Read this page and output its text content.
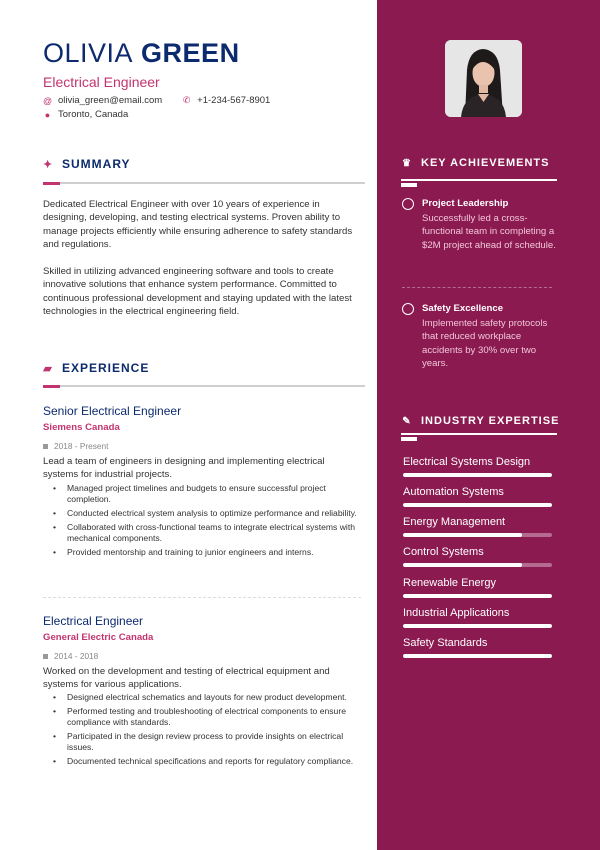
OLIVIA GREEN
Electrical Engineer
@ olivia_green@email.com ✆ +1-234-567-8901
● Toronto, Canada
✦ SUMMARY
Dedicated Electrical Engineer with over 10 years of experience in designing, developing, and testing electrical systems. Proven ability to manage projects efficiently while ensuring adherence to safety standards and regulations.
Skilled in utilizing advanced engineering software and tools to create innovative solutions that enhance system performance. Committed to continuous professional development and staying updated with the latest technologies in the electrical engineering field.
▰ EXPERIENCE
Senior Electrical Engineer
Siemens Canada
2018 - Present
Lead a team of engineers in designing and implementing electrical systems for industrial projects.
• Managed project timelines and budgets to ensure successful project completion.
• Conducted electrical system analysis to optimize performance and reliability.
• Collaborated with cross-functional teams to integrate electrical systems with mechanical components.
• Provided mentorship and training to junior engineers and interns.
Electrical Engineer
General Electric Canada
2014 - 2018
Worked on the development and testing of electrical equipment and systems for various applications.
• Designed electrical schematics and layouts for new product development.
• Performed testing and troubleshooting of electrical components to ensure compliance with standards.
• Participated in the design review process to provide insights on electrical issues.
• Documented technical specifications and reports for regulatory compliance.
♛ KEY ACHIEVEMENTS
Project Leadership
Successfully led a cross-functional team in completing a $2M project ahead of schedule.
Safety Excellence
Implemented safety protocols that reduced workplace accidents by 30% over two years.
✎ INDUSTRY EXPERTISE
Electrical Systems Design
Automation Systems
Energy Management
Control Systems
Renewable Energy
Industrial Applications
Safety Standards
